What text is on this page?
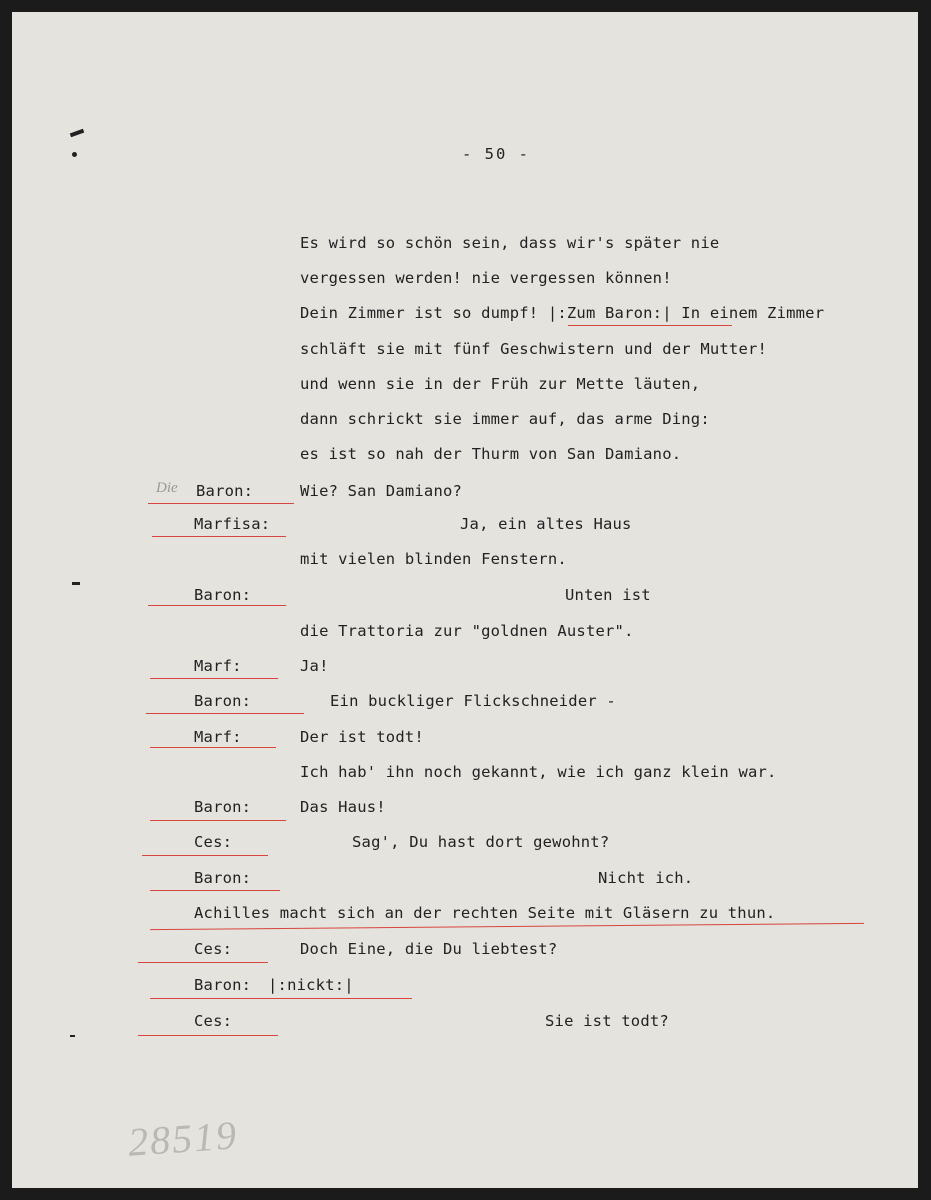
- 50 -
Es wird so schön sein, dass wir's später nie
vergessen werden! nie vergessen können!
Dein Zimmer ist so dumpf! |:Zum Baron:| In einem Zimmer
schläft sie mit fünf Geschwistern und der Mutter!
und wenn sie in der Früh zur Mette läuten,
dann schrickt sie immer auf, das arme Ding:
es ist so nah der Thurm von San Damiano.
Die Baron:	Wie? San Damiano?
Marfisa:	Ja, ein altes Haus
mit vielen blinden Fenstern.
Baron:	Unten ist
die Trattoria zur "goldnen Auster".
Marf:	Ja!
Baron:	Ein buckliger Flickschneider -
Marf:	Der ist todt!
Ich hab' ihn noch gekannt, wie ich ganz klein war.
Baron:	Das Haus!
Ces:	Sag', Du hast dort gewohnt?
Baron:	Nicht ich.
Achilles macht sich an der rechten Seite mit Gläsern zu thun.
Ces:	Doch Eine, die Du liebtest?
Baron: |:nickt:|
Ces:	Sie ist todt?
28519
